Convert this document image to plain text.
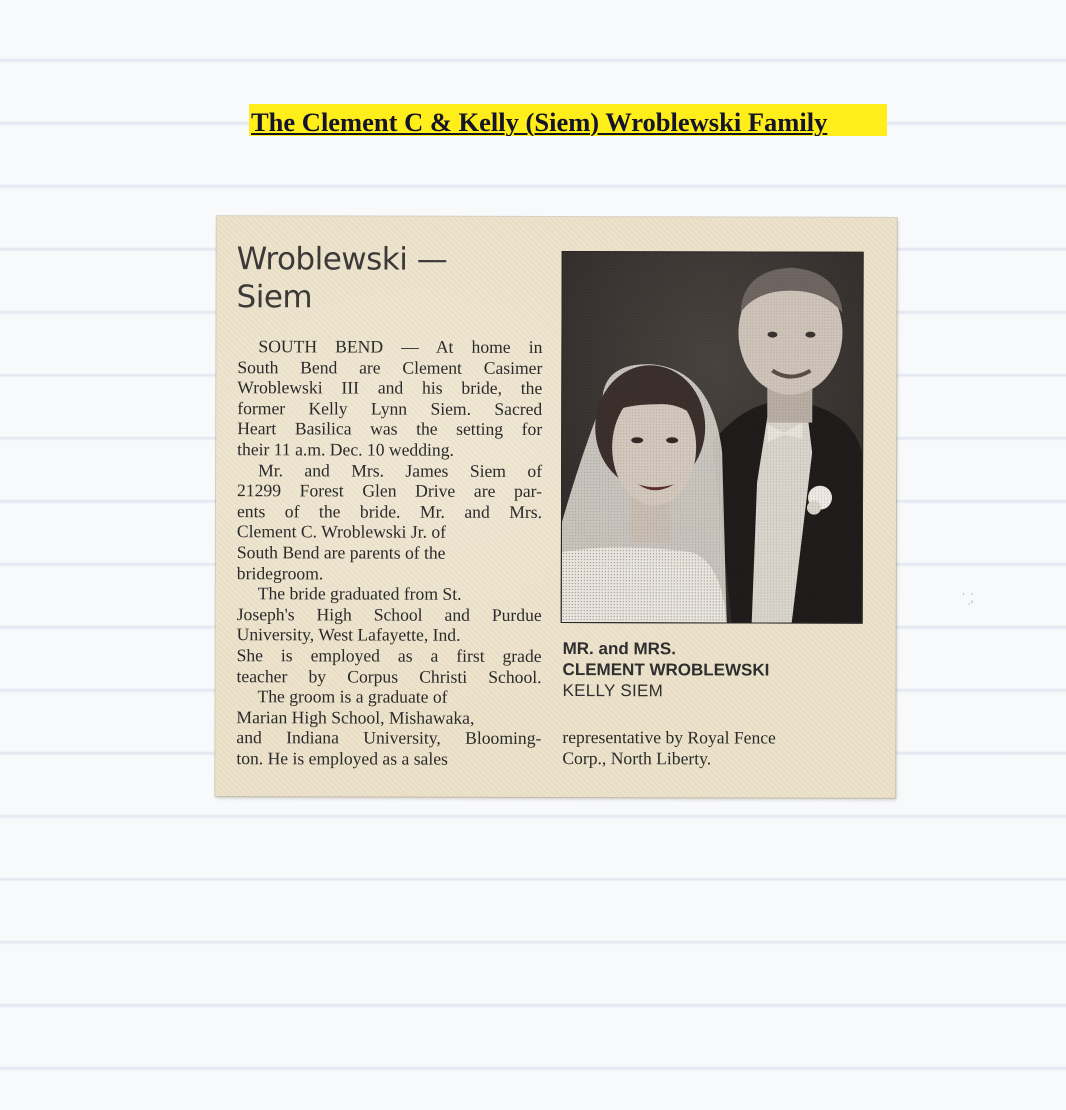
The Clement C & Kelly (Siem) Wroblewski Family
Wroblewski —
Siem
SOUTH BEND — At home in
South Bend are Clement Casimer
Wroblewski III and his bride, the
former Kelly Lynn Siem. Sacred
Heart Basilica was the setting for
their 11 a.m. Dec. 10 wedding.
Mr. and Mrs. James Siem of
21299 Forest Glen Drive are par-
ents of the bride. Mr. and Mrs.
Clement C. Wroblewski Jr. of
South Bend are parents of the
bridegroom.
The bride graduated from St.
Joseph's High School and Purdue
University, West Lafayette, Ind.
She is employed as a first grade
teacher by Corpus Christi School.
The groom is a graduate of
Marian High School, Mishawaka,
and Indiana University, Blooming-
ton. He is employed as a sales
MR. and MRS.
CLEMENT WROBLEWSKI
KELLY SIEM
representative by Royal Fence
Corp., North Liberty.
·  ·
·'
